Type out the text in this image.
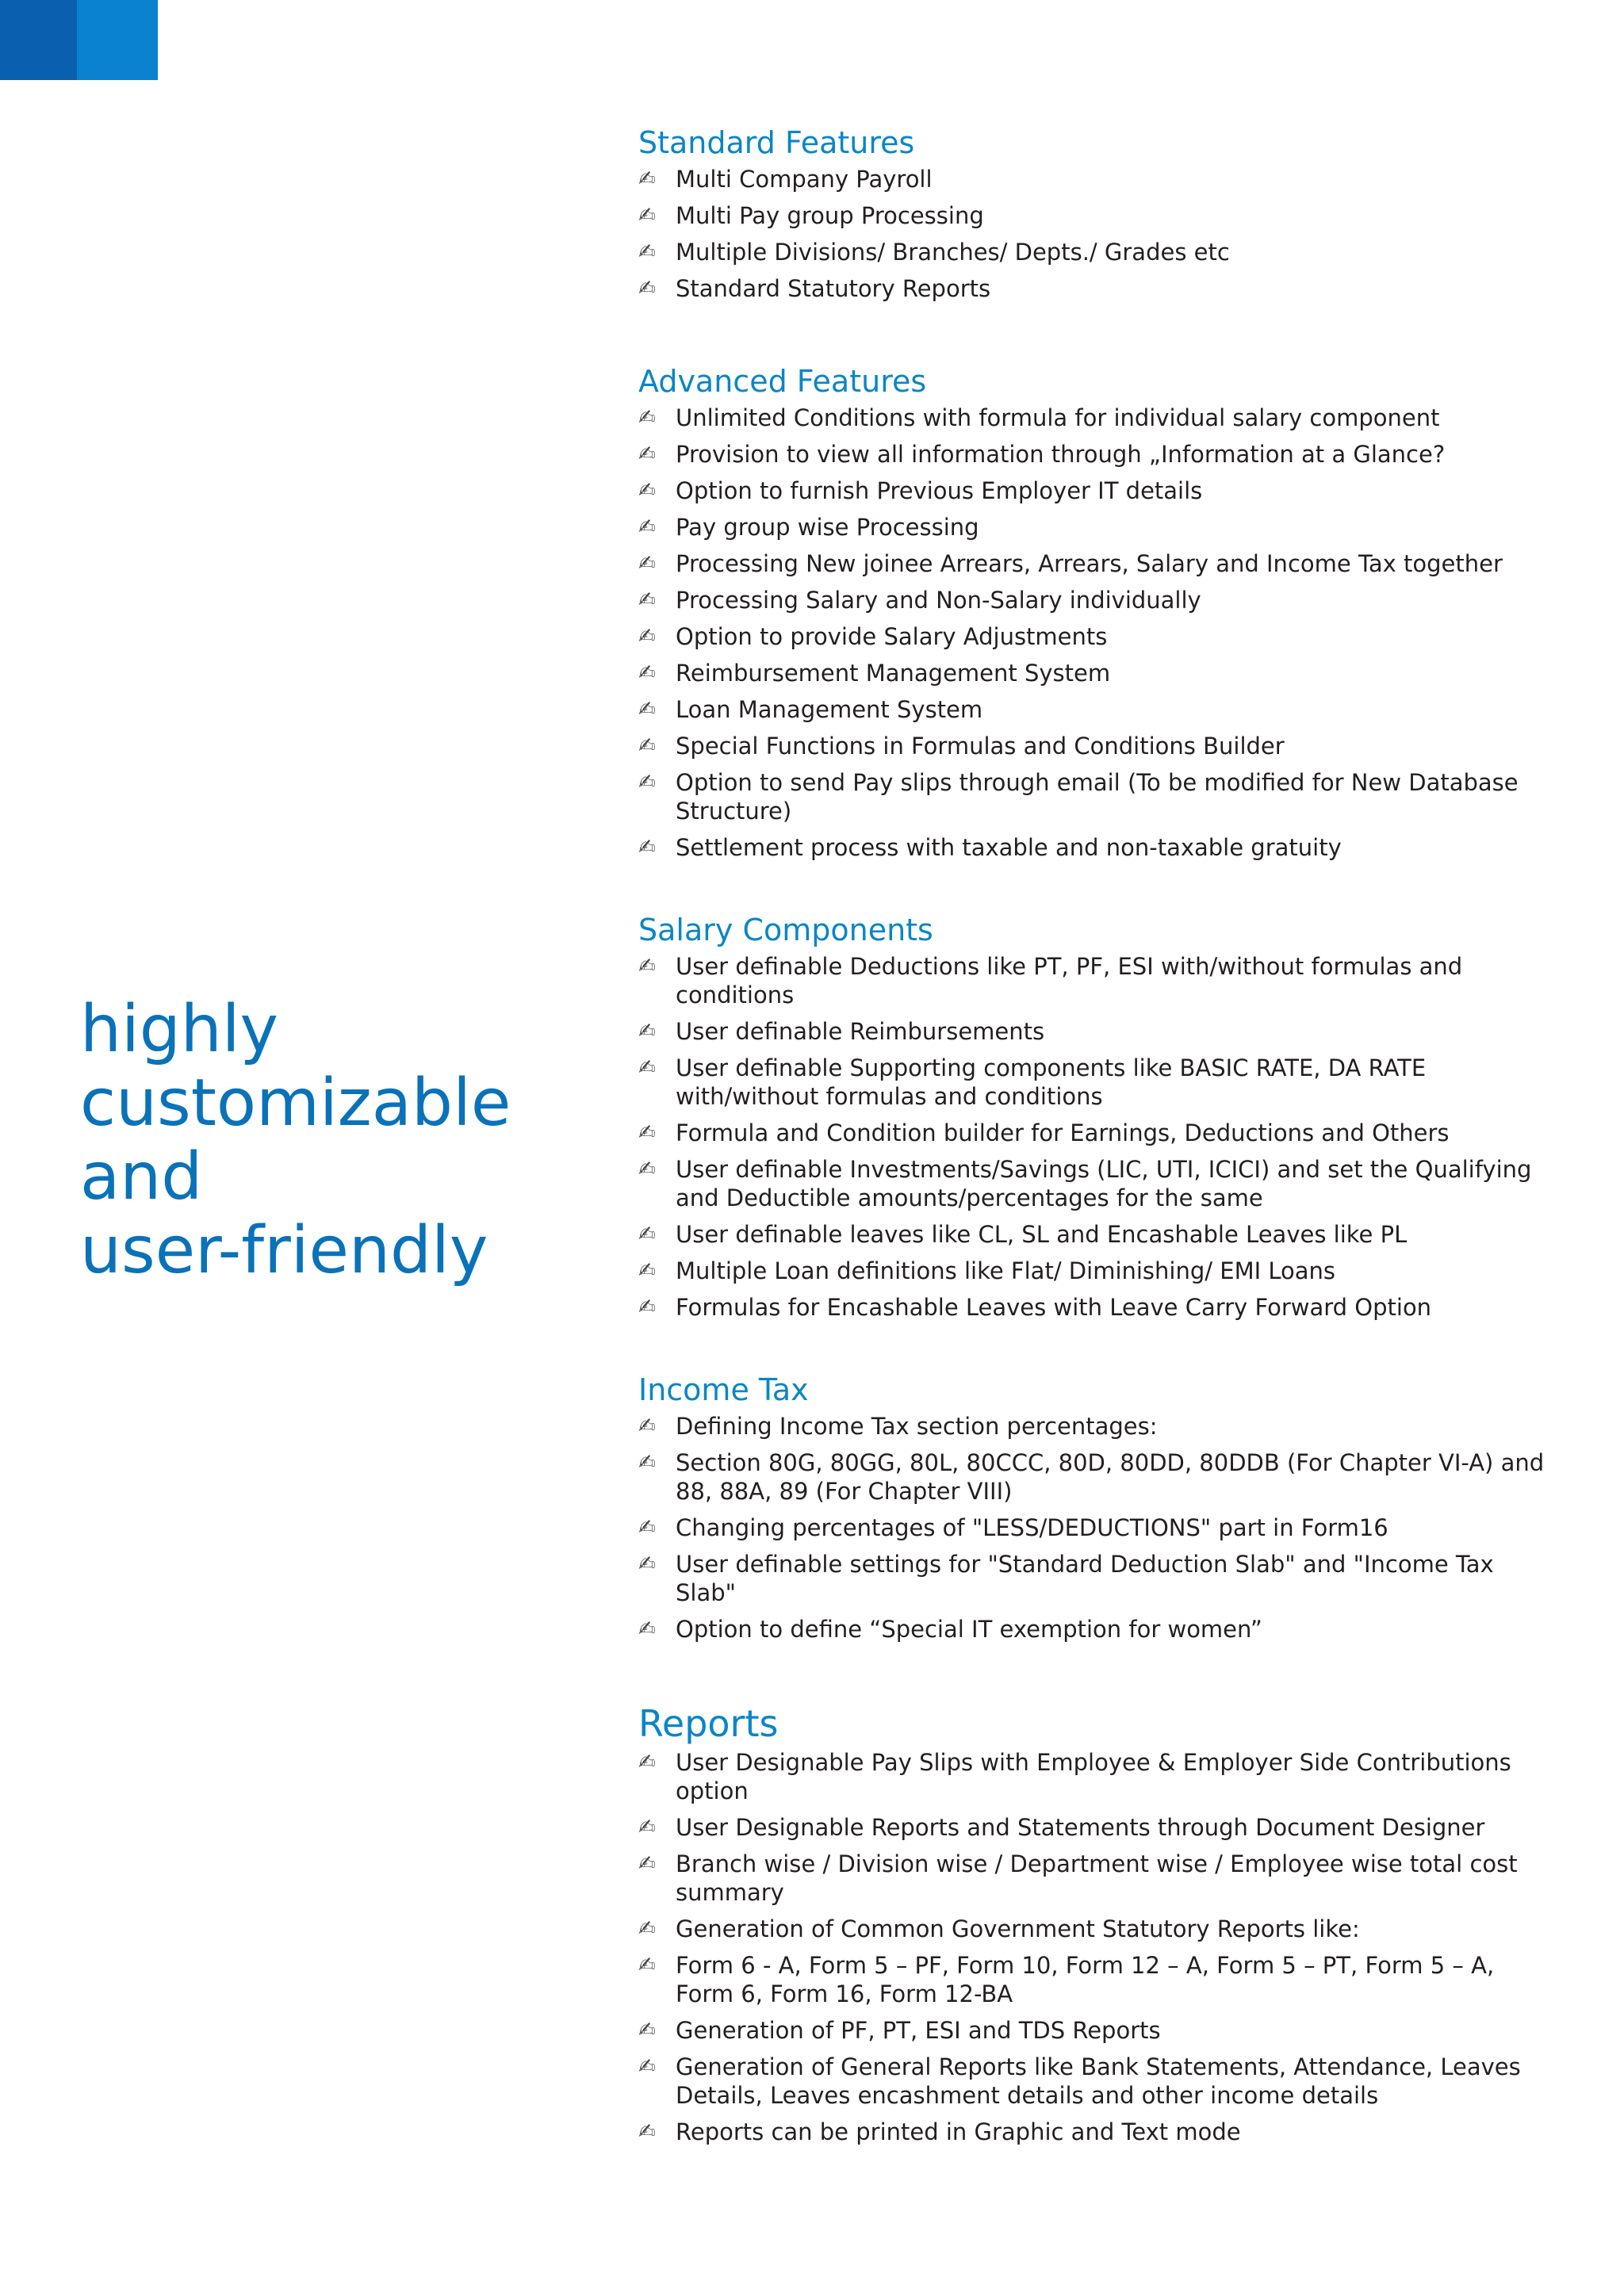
highly
customizable
and
user-friendly
Standard Features
✍ Multi Company Payroll
✍ Multi Pay group Processing
✍ Multiple Divisions/ Branches/ Depts./ Grades etc
✍ Standard Statutory Reports
Advanced Features
✍ Unlimited Conditions with formula for individual salary component
✍ Provision to view all information through „Information at a Glance?
✍ Option to furnish Previous Employer IT details
✍ Pay group wise Processing
✍ Processing New joinee Arrears, Arrears, Salary and Income Tax together
✍ Processing Salary and Non-Salary individually
✍ Option to provide Salary Adjustments
✍ Reimbursement Management System
✍ Loan Management System
✍ Special Functions in Formulas and Conditions Builder
✍ Option to send Pay slips through email (To be modified for New Database Structure)
✍ Settlement process with taxable and non-taxable gratuity
Salary Components
✍ User definable Deductions like PT, PF, ESI with/without formulas and conditions
✍ User definable Reimbursements
✍ User definable Supporting components like BASIC RATE, DA RATE with/without formulas and conditions
✍ Formula and Condition builder for Earnings, Deductions and Others
✍ User definable Investments/Savings (LIC, UTI, ICICI) and set the Qualifying and Deductible amounts/percentages for the same
✍ User definable leaves like CL, SL and Encashable Leaves like PL
✍ Multiple Loan definitions like Flat/ Diminishing/ EMI Loans
✍ Formulas for Encashable Leaves with Leave Carry Forward Option
Income Tax
✍ Defining Income Tax section percentages:
✍ Section 80G, 80GG, 80L, 80CCC, 80D, 80DD, 80DDB (For Chapter VI-A) and 88, 88A, 89 (For Chapter VIII)
✍ Changing percentages of "LESS/DEDUCTIONS" part in Form16
✍ User definable settings for "Standard Deduction Slab" and "Income Tax Slab"
✍ Option to define “Special IT exemption for women”
Reports
✍ User Designable Pay Slips with Employee & Employer Side Contributions option
✍ User Designable Reports and Statements through Document Designer
✍ Branch wise / Division wise / Department wise / Employee wise total cost summary
✍ Generation of Common Government Statutory Reports like:
✍ Form 6 - A, Form 5 – PF, Form 10, Form 12 – A, Form 5 – PT, Form 5 – A, Form 6, Form 16, Form 12-BA
✍ Generation of PF, PT, ESI and TDS Reports
✍ Generation of General Reports like Bank Statements, Attendance, Leaves Details, Leaves encashment details and other income details
✍ Reports can be printed in Graphic and Text mode
